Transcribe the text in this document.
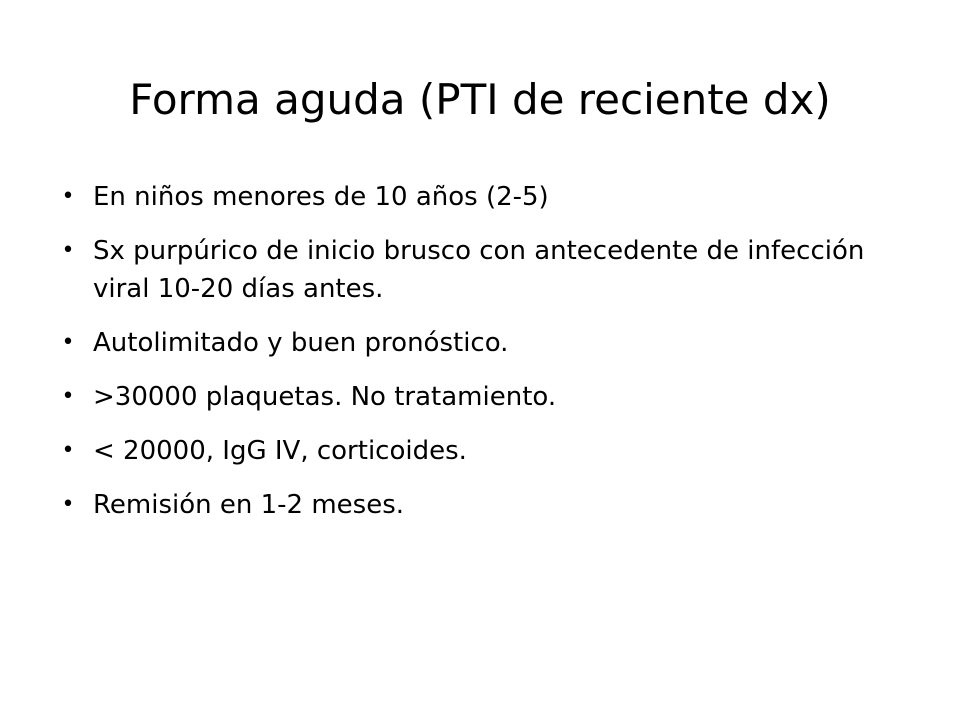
Forma aguda (PTI de reciente dx)
• En niños menores de 10 años (2-5)
• Sx purpúrico de inicio brusco con antecedente de infección viral 10-20 días antes.
• Autolimitado y buen pronóstico.
• >30000 plaquetas. No tratamiento.
• < 20000, IgG IV, corticoides.
• Remisión en 1-2 meses.
